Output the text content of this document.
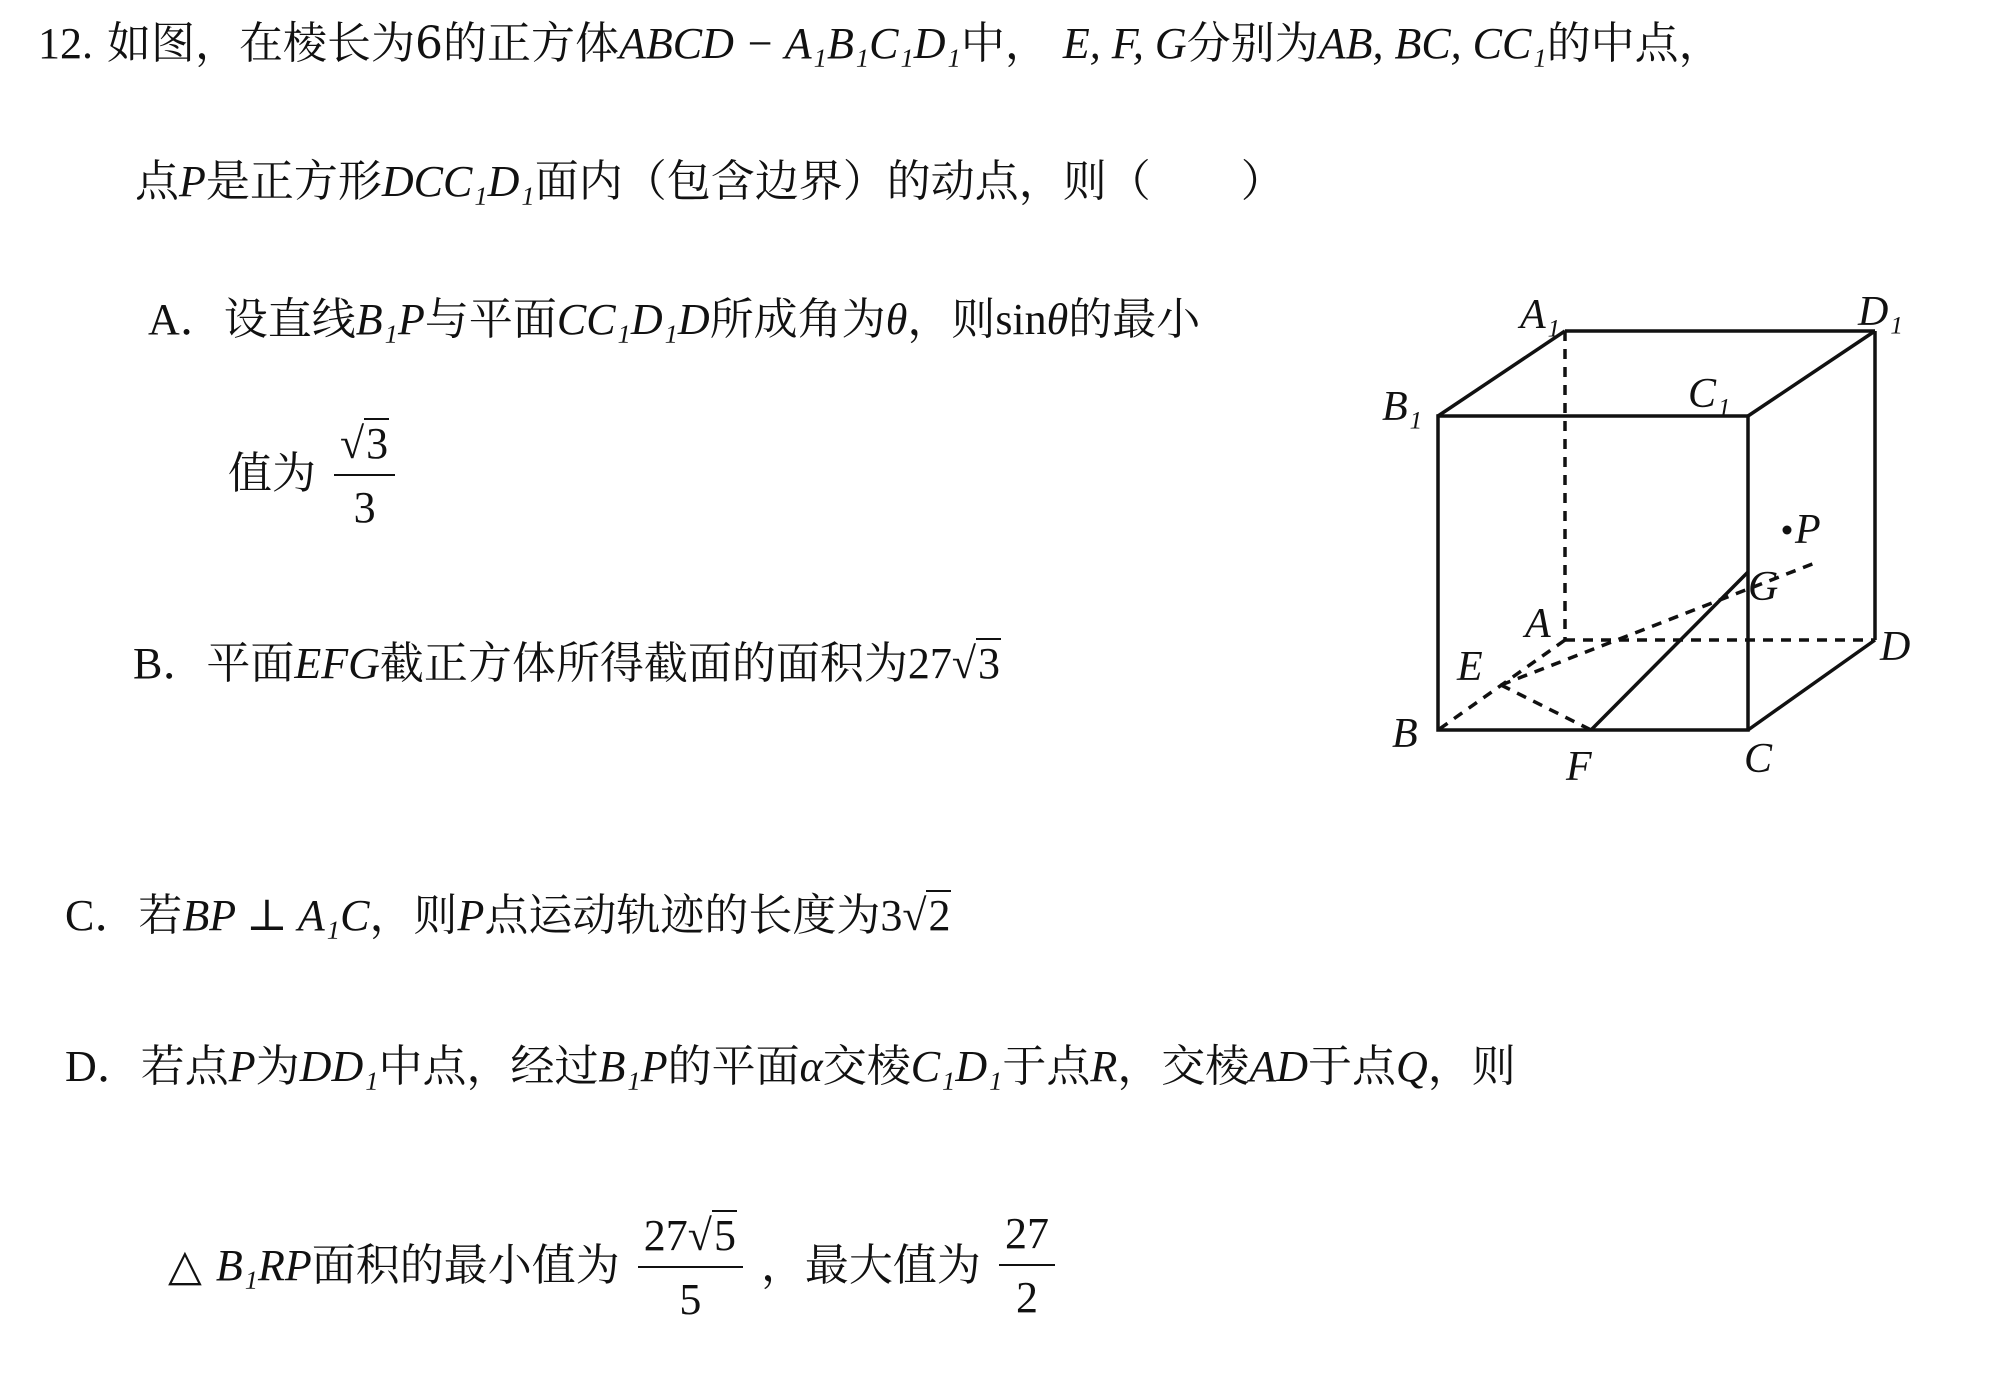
12. 如图，在棱长为6的正方体ABCD − A₁B₁C₁D₁中， E, F, G分别为AB, BC, CC₁的中点，
点P是正方形DCC₁D₁面内（包含边界）的动点，则（ ）
A．设直线B₁P与平面CC₁D₁D所成角为θ，则sinθ的最小
值为 $\frac{√3}{3}$
B．平面EFG截正方体所得截面的面积为27√3
A₁	D₁
B₁	C₁
A	D
B
C
E
F
G
P
C．若BP ⊥ A₁C，则P点运动轨迹的长度为3√2
D．若点P为DD₁中点，经过B₁P的平面α交棱C₁D₁于点R，交棱AD于点Q，则
△ B₁RP面积的最小值为 $\frac{27√5}{5}$ ，最大值为 $\frac{27}{2}$
